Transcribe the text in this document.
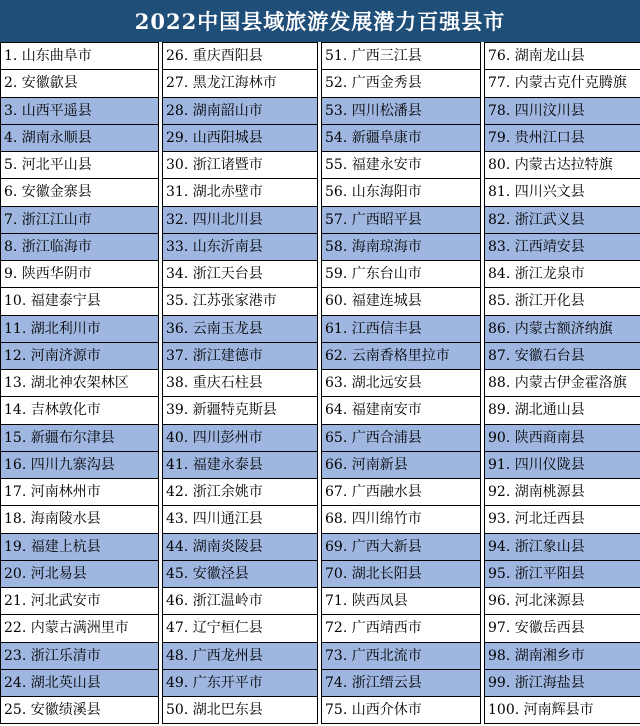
2022中国县域旅游发展潜力百强县市
1. 山东曲阜市		26. 重庆酉阳县		51. 广西三江县		76. 湖南龙山县
2. 安徽歙县		27. 黑龙江海林市		52. 广西金秀县		77. 内蒙古克什克腾旗
3. 山西平遥县		28. 湖南韶山市		53. 四川松潘县		78. 四川汶川县
4. 湖南永顺县		29. 山西阳城县		54. 新疆阜康市		79. 贵州江口县
5. 河北平山县		30. 浙江诸暨市		55. 福建永安市		80. 内蒙古达拉特旗
6. 安徽金寨县		31. 湖北赤壁市		56. 山东海阳市		81. 四川兴文县
7. 浙江江山市		32. 四川北川县		57. 广西昭平县		82. 浙江武义县
8. 浙江临海市		33. 山东沂南县		58. 海南琼海市		83. 江西靖安县
9. 陕西华阴市		34. 浙江天台县		59. 广东台山市		84. 浙江龙泉市
10. 福建泰宁县		35. 江苏张家港市		60. 福建连城县		85. 浙江开化县
11. 湖北利川市		36. 云南玉龙县		61. 江西信丰县		86. 内蒙古额济纳旗
12. 河南济源市		37. 浙江建德市		62. 云南香格里拉市		87. 安徽石台县
13. 湖北神农架林区		38. 重庆石柱县		63. 湖北远安县		88. 内蒙古伊金霍洛旗
14. 吉林敦化市		39. 新疆特克斯县		64. 福建南安市		89. 湖北通山县
15. 新疆布尔津县		40. 四川彭州市		65. 广西合浦县		90. 陕西商南县
16. 四川九寨沟县		41. 福建永泰县		66. 河南新县		91. 四川仪陇县
17. 河南林州市		42. 浙江余姚市		67. 广西融水县		92. 湖南桃源县
18. 海南陵水县		43. 四川通江县		68. 四川绵竹市		93. 河北迁西县
19. 福建上杭县		44. 湖南炎陵县		69. 广西大新县		94. 浙江象山县
20. 河北易县		45. 安徽泾县		70. 湖北长阳县		95. 浙江平阳县
21. 河北武安市		46. 浙江温岭市		71. 陕西凤县		96. 河北涞源县
22. 内蒙古满洲里市		47. 辽宁桓仁县		72. 广西靖西市		97. 安徽岳西县
23. 浙江乐清市		48. 广西龙州县		73. 广西北流市		98. 湖南湘乡市
24. 湖北英山县		49. 广东开平市		74. 浙江缙云县		99. 浙江海盐县
25. 安徽绩溪县		50. 湖北巴东县		75. 山西介休市		100. 河南辉县市
